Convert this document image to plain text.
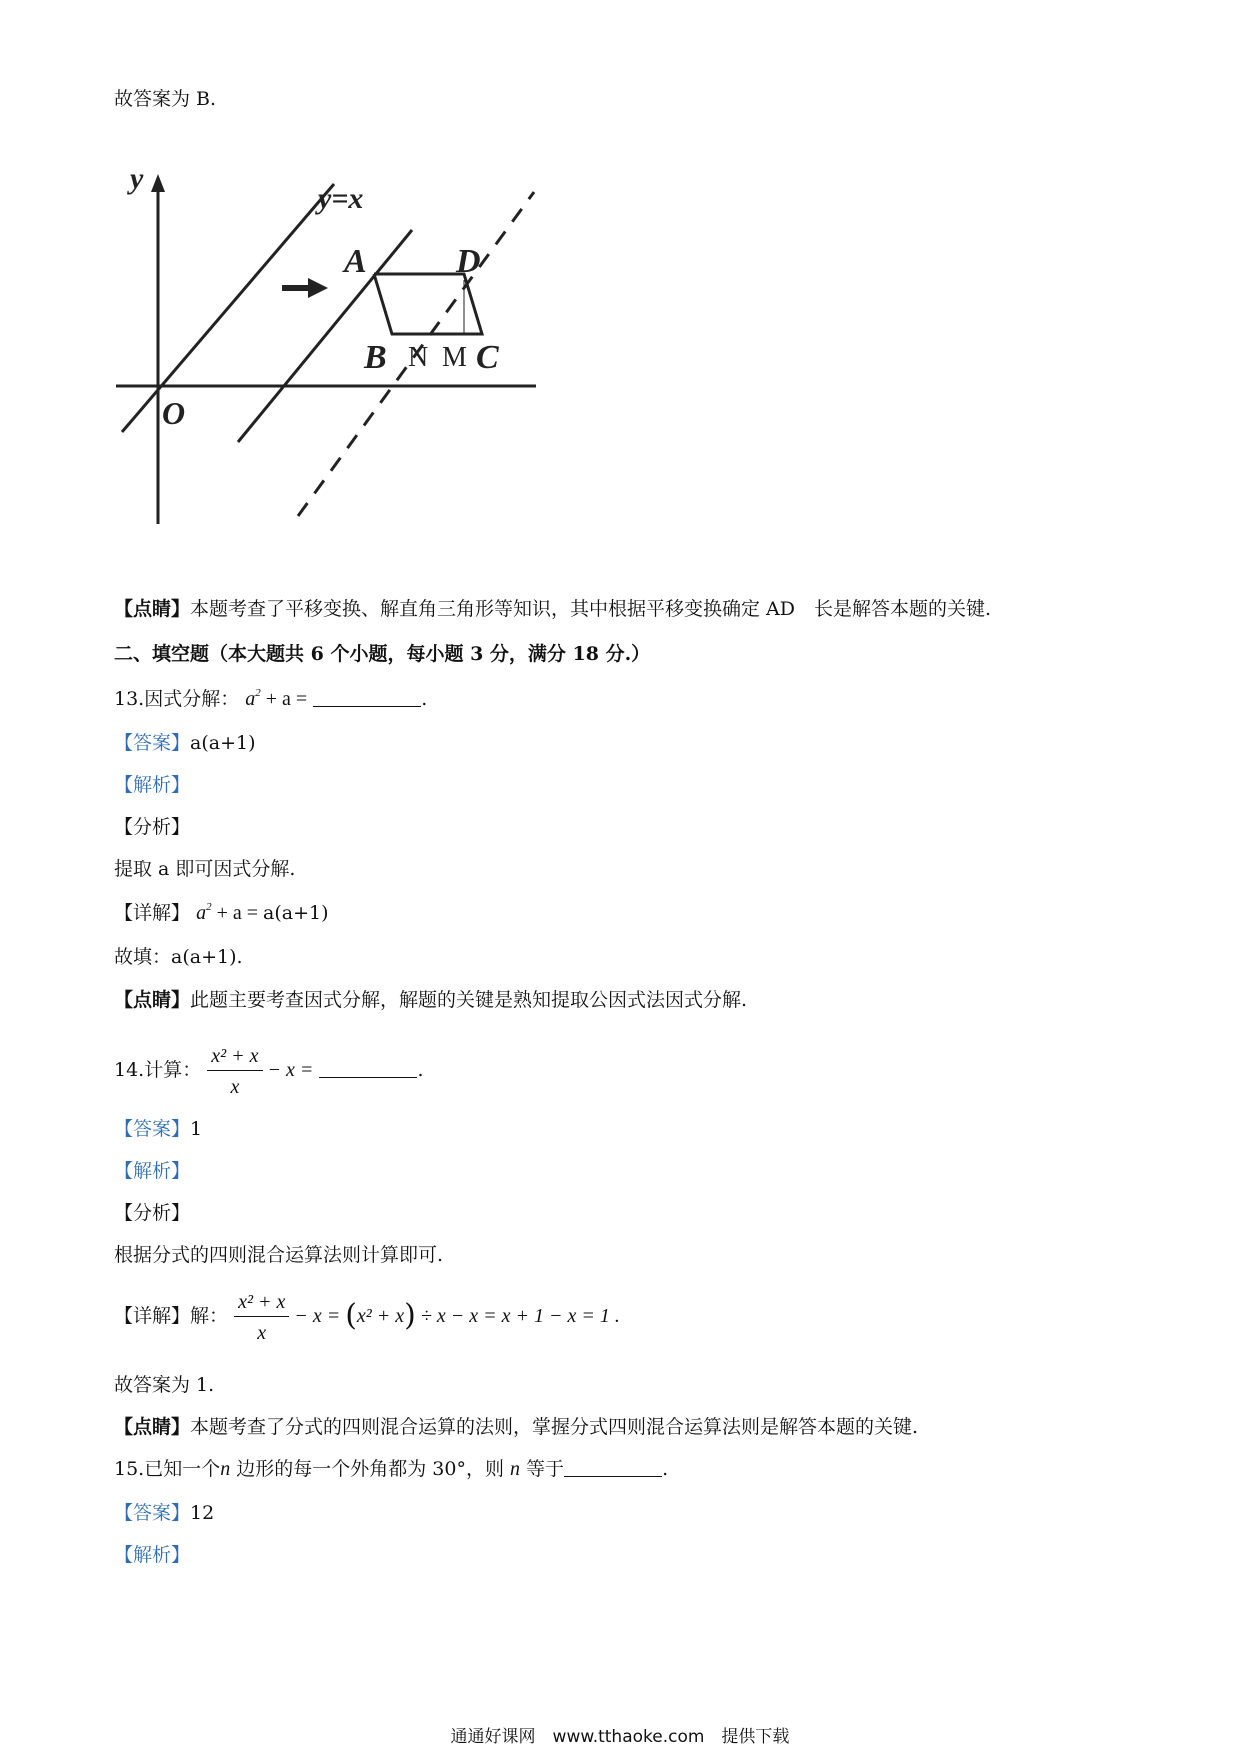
故答案为 B.
y
y=x
O
A	D
B	C
N M
【点睛】本题考查了平移变换、解直角三角形等知识，其中根据平移变换确定 AD　长是解答本题的关键.
二、填空题（本大题共 6 个小题，每小题 3 分，满分 18 分.）
13.因式分解： $a^2 + a$ =	.
【答案】a(a+1)
【解析】
【分析】
提取 a 即可因式分解.
【详解】 $a^2 + a = a(a+1)$
故填：a(a+1).
【点睛】此题主要考查因式分解，解题的关键是熟知提取公因式法因式分解.
14.计算： $\frac{\text{x² + x}}{x} - x$ =	.
【答案】1
【解析】
【分析】
根据分式的四则混合运算法则计算即可.
【详解】解： $\frac{\text{x² + x}}{x} - x = (x^2 + x) \div x - x = x + 1 - x = 1$ .
故答案为 1.
【点睛】本题考查了分式的四则混合运算的法则，掌握分式四则混合运算法则是解答本题的关键.
15.已知一个n 边形的每一个外角都为 30°，则 n 等于	.
【答案】12
【解析】
通通好课网　www.tthaoke.com　提供下载
